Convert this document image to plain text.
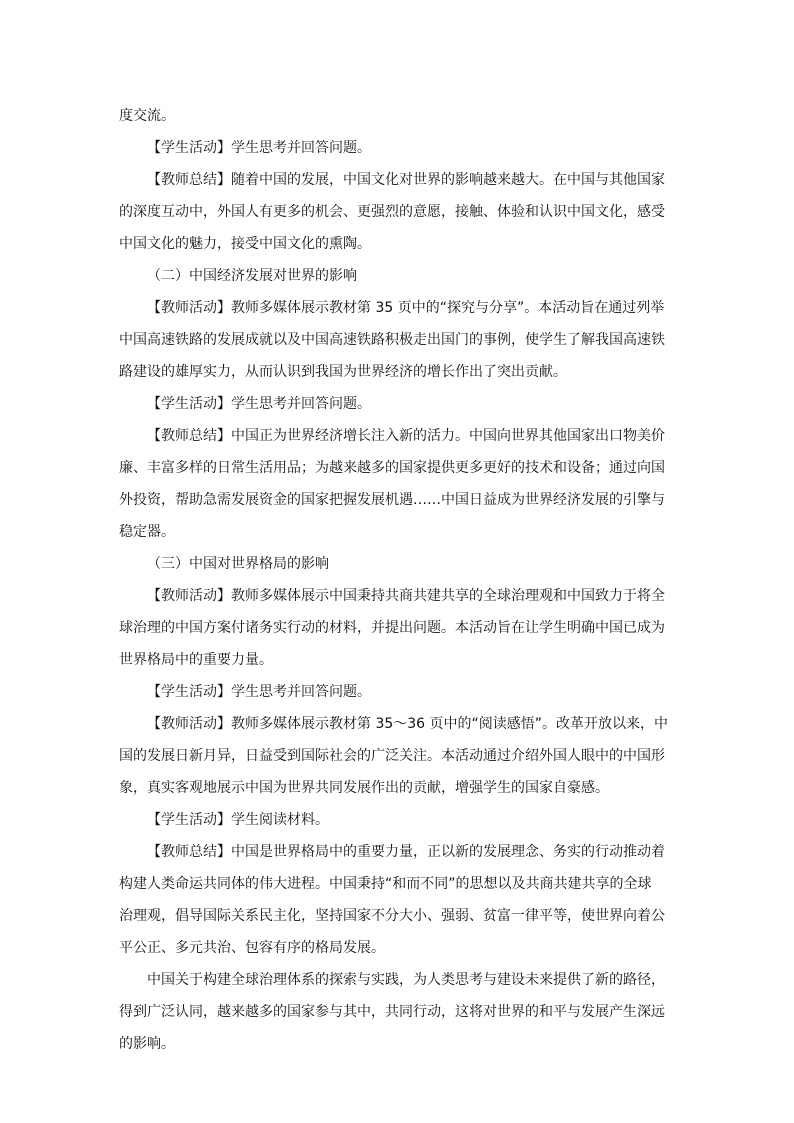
度交流。

【学生活动】学生思考并回答问题。

【教师总结】随着中国的发展，中国文化对世界的影响越来越大。在中国与其他国家
的深度互动中，外国人有更多的机会、更强烈的意愿，接触、体验和认识中国文化，感受
中国文化的魅力，接受中国文化的熏陶。

（二）中国经济发展对世界的影响

【教师活动】教师多媒体展示教材第 35 页中的“探究与分享”。本活动旨在通过列举
中国高速铁路的发展成就以及中国高速铁路积极走出国门的事例，使学生了解我国高速铁
路建设的雄厚实力，从而认识到我国为世界经济的增长作出了突出贡献。

【学生活动】学生思考并回答问题。

【教师总结】中国正为世界经济增长注入新的活力。中国向世界其他国家出口物美价
廉、丰富多样的日常生活用品；为越来越多的国家提供更多更好的技术和设备；通过向国
外投资，帮助急需发展资金的国家把握发展机遇……中国日益成为世界经济发展的引擎与
稳定器。

（三）中国对世界格局的影响

【教师活动】教师多媒体展示中国秉持共商共建共享的全球治理观和中国致力于将全
球治理的中国方案付诸务实行动的材料，并提出问题。本活动旨在让学生明确中国已成为
世界格局中的重要力量。

【学生活动】学生思考并回答问题。

【教师活动】教师多媒体展示教材第 35～36 页中的“阅读感悟”。改革开放以来，中
国的发展日新月异，日益受到国际社会的广泛关注。本活动通过介绍外国人眼中的中国形
象，真实客观地展示中国为世界共同发展作出的贡献，增强学生的国家自豪感。

【学生活动】学生阅读材料。

【教师总结】中国是世界格局中的重要力量，正以新的发展理念、务实的行动推动着
构建人类命运共同体的伟大进程。中国秉持“和而不同”的思想以及共商共建共享的全球
治理观，倡导国际关系民主化，坚持国家不分大小、强弱、贫富一律平等，使世界向着公
平公正、多元共治、包容有序的格局发展。

中国关于构建全球治理体系的探索与实践，为人类思考与建设未来提供了新的路径，
得到广泛认同，越来越多的国家参与其中，共同行动，这将对世界的和平与发展产生深远
的影响。
